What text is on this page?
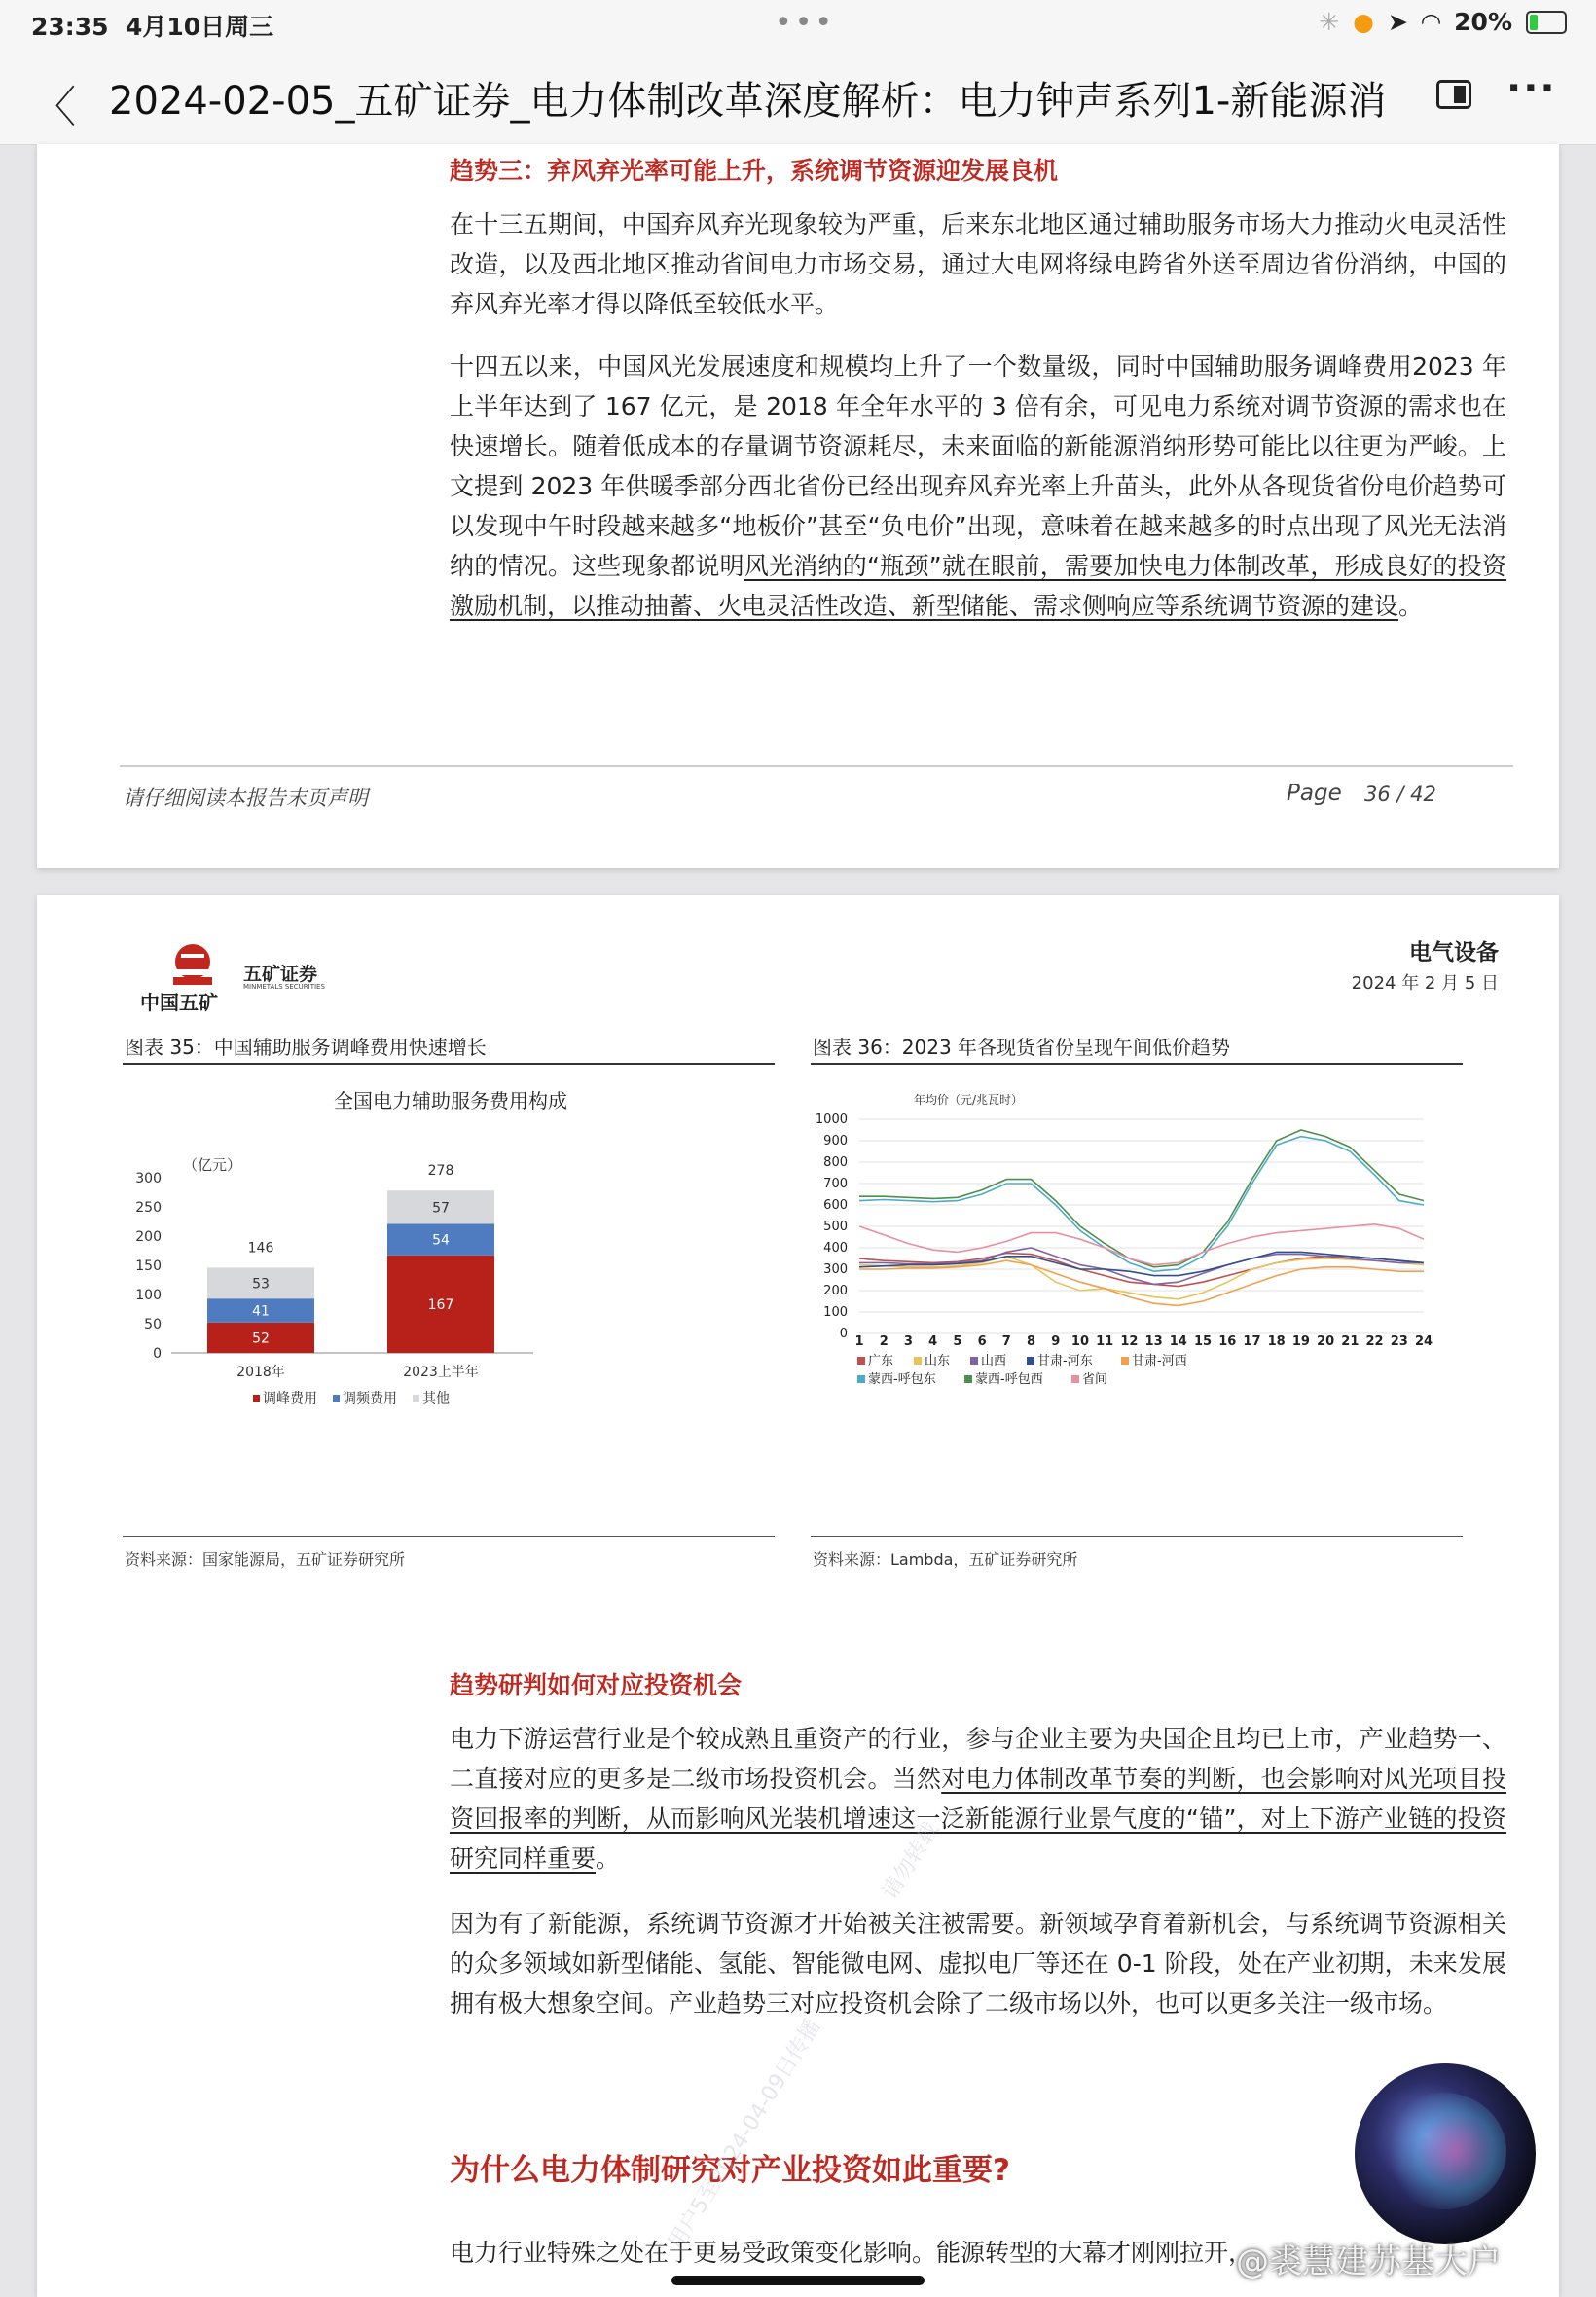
23:35 4月10日周三	•••	✳ ● ➤ ◠ 20%
〈 2024-02-05_五矿证券_电力体制改革深度解析：电力钟声系列1-新能源消	···
趋势三：弃风弃光率可能上升，系统调节资源迎发展良机
在十三五期间，中国弃风弃光现象较为严重，后来东北地区通过辅助服务市场大力推动火电灵活性改造，以及西北地区推动省间电力市场交易，通过大电网将绿电跨省外送至周边省份消纳，中国的弃风弃光率才得以降低至较低水平。
十四五以来，中国风光发展速度和规模均上升了一个数量级，同时中国辅助服务调峰费用2023 年上半年达到了 167 亿元，是 2018 年全年水平的 3 倍有余，可见电力系统对调节资源的需求也在快速增长。随着低成本的存量调节资源耗尽，未来面临的新能源消纳形势可能比以往更为严峻。上文提到 2023 年供暖季部分西北省份已经出现弃风弃光率上升苗头，此外从各现货省份电价趋势可以发现中午时段越来越多“地板价”甚至“负电价”出现，意味着在越来越多的时点出现了风光无法消纳的情况。这些现象都说明风光消纳的“瓶颈”就在眼前，需要加快电力体制改革，形成良好的投资激励机制，以推动抽蓄、火电灵活性改造、新型储能、需求侧响应等系统调节资源的建设。
请仔细阅读本报告末页声明	Page 36 / 42
中国五矿
五矿证券
MINMETALS SECURITIES
电气设备
2024 年 2 月 5 日
图表 35：中国辅助服务调峰费用快速增长	图表 36：2023 年各现货省份呈现午间低价趋势
全国电力辅助服务费用构成
（亿元）
0
50
100
150
200
250
300
52
41
53
146
2018年
167
54
57
278
2023上半年
调峰费用 调频费用 其他
年均价（元/兆瓦时）
0
100
200
300
400
500
600
700
800
900
1000
1 2 3 4 5 6 7 8 9 10 11 12 13 14 15 16 17 18 19 20 21 22 23 24
广东 山东 山西 甘肃-河东	甘肃-河西
蒙西-呼包东	蒙西-呼包西	省间
资料来源：国家能源局，五矿证券研究所	资料来源：Lambda，五矿证券研究所
趋势研判如何对应投资机会
电力下游运营行业是个较成熟且重资产的行业，参与企业主要为央国企且均已上市，产业趋势一、二直接对应的更多是二级市场投资机会。当然对电力体制改革节奏的判断，也会影响对风光项目投资回报率的判断，从而影响风光装机增速这一泛新能源行业景气度的“锚”，对上下游产业链的投资研究同样重要。
因为有了新能源，系统调节资源才开始被关注被需要。新领域孕育着新机会，与系统调节资源相关的众多领域如新型储能、氢能、智能微电网、虚拟电厂等还在 0-1 阶段，处在产业初期，未来发展拥有极大想象空间。产业趋势三对应投资机会除了二级市场以外，也可以更多关注一级市场。
为什么电力体制研究对产业投资如此重要?
电力行业特殊之处在于更易受政策变化影响。能源转型的大幕才刚刚拉开，
用户5至2024-04-09日传播
请勿转载
@裘慧建苏基大户
